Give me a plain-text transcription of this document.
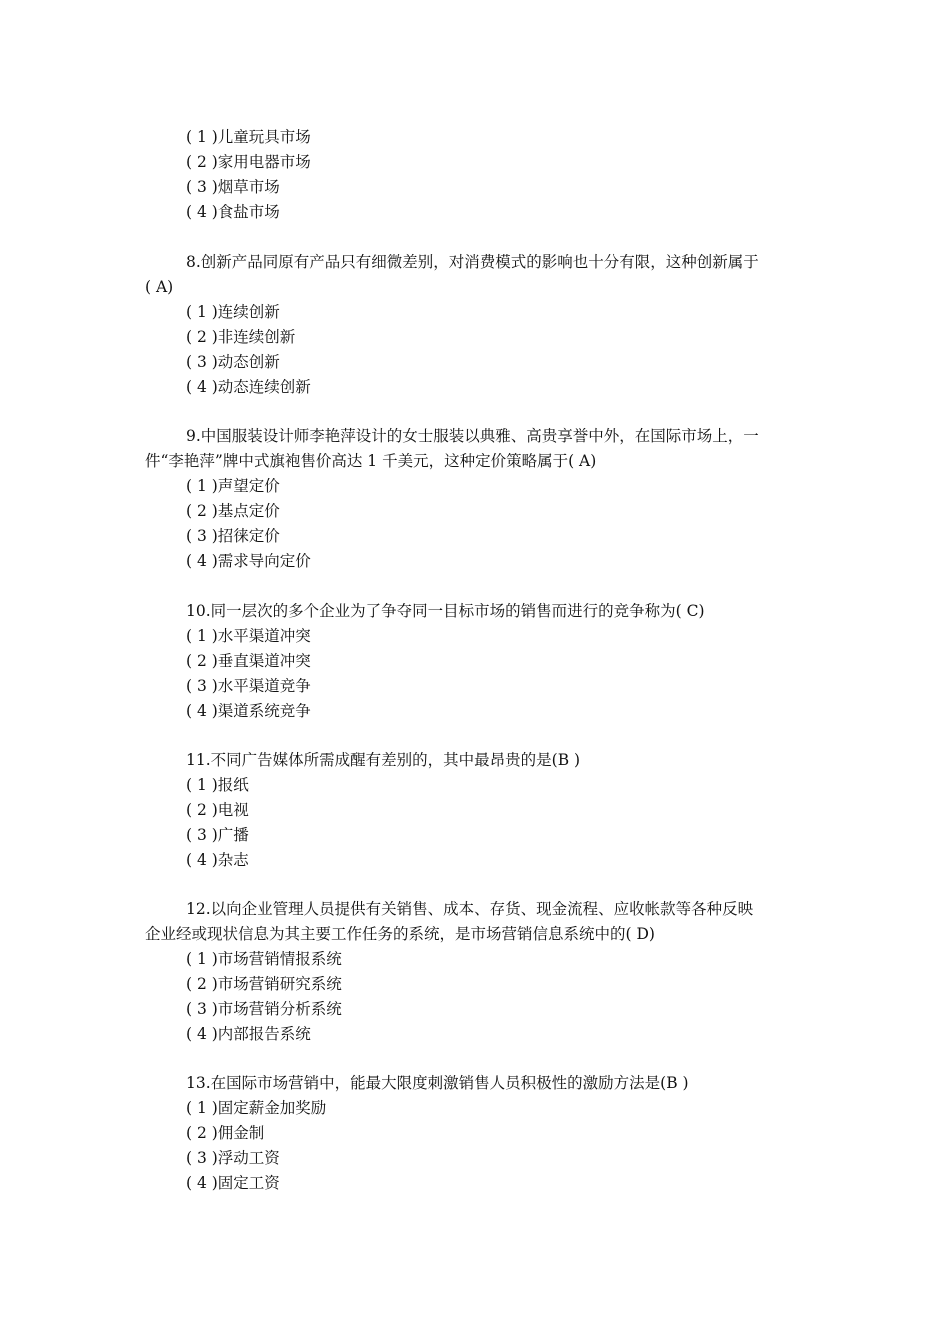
( 1 )儿童玩具市场
( 2 )家用电器市场
( 3 )烟草市场
( 4 )食盐市场
8.创新产品同原有产品只有细微差别，对消费模式的影响也十分有限，这种创新属于
( A)
( 1 )连续创新
( 2 )非连续创新
( 3 )动态创新
( 4 )动态连续创新
9.中国服装设计师李艳萍设计的女士服装以典雅、高贵享誉中外，在国际市场上，一
件“李艳萍”牌中式旗袍售价高达 1 千美元，这种定价策略属于( A)
( 1 )声望定价
( 2 )基点定价
( 3 )招徕定价
( 4 )需求导向定价
10.同一层次的多个企业为了争夺同一目标市场的销售而进行的竞争称为( C)
( 1 )水平渠道冲突
( 2 )垂直渠道冲突
( 3 )水平渠道竞争
( 4 )渠道系统竞争
11.不同广告媒体所需成醒有差别的，其中最昂贵的是(B )
( 1 )报纸
( 2 )电视
( 3 )广播
( 4 )杂志
12.以向企业管理人员提供有关销售、成本、存货、现金流程、应收帐款等各种反映
企业经或现状信息为其主要工作任务的系统，是市场营销信息系统中的( D)
( 1 )市场营销情报系统
( 2 )市场营销研究系统
( 3 )市场营销分析系统
( 4 )内部报告系统
13.在国际市场营销中，能最大限度刺激销售人员积极性的激励方法是(B )
( 1 )固定薪金加奖励
( 2 )佣金制
( 3 )浮动工资
( 4 )固定工资
